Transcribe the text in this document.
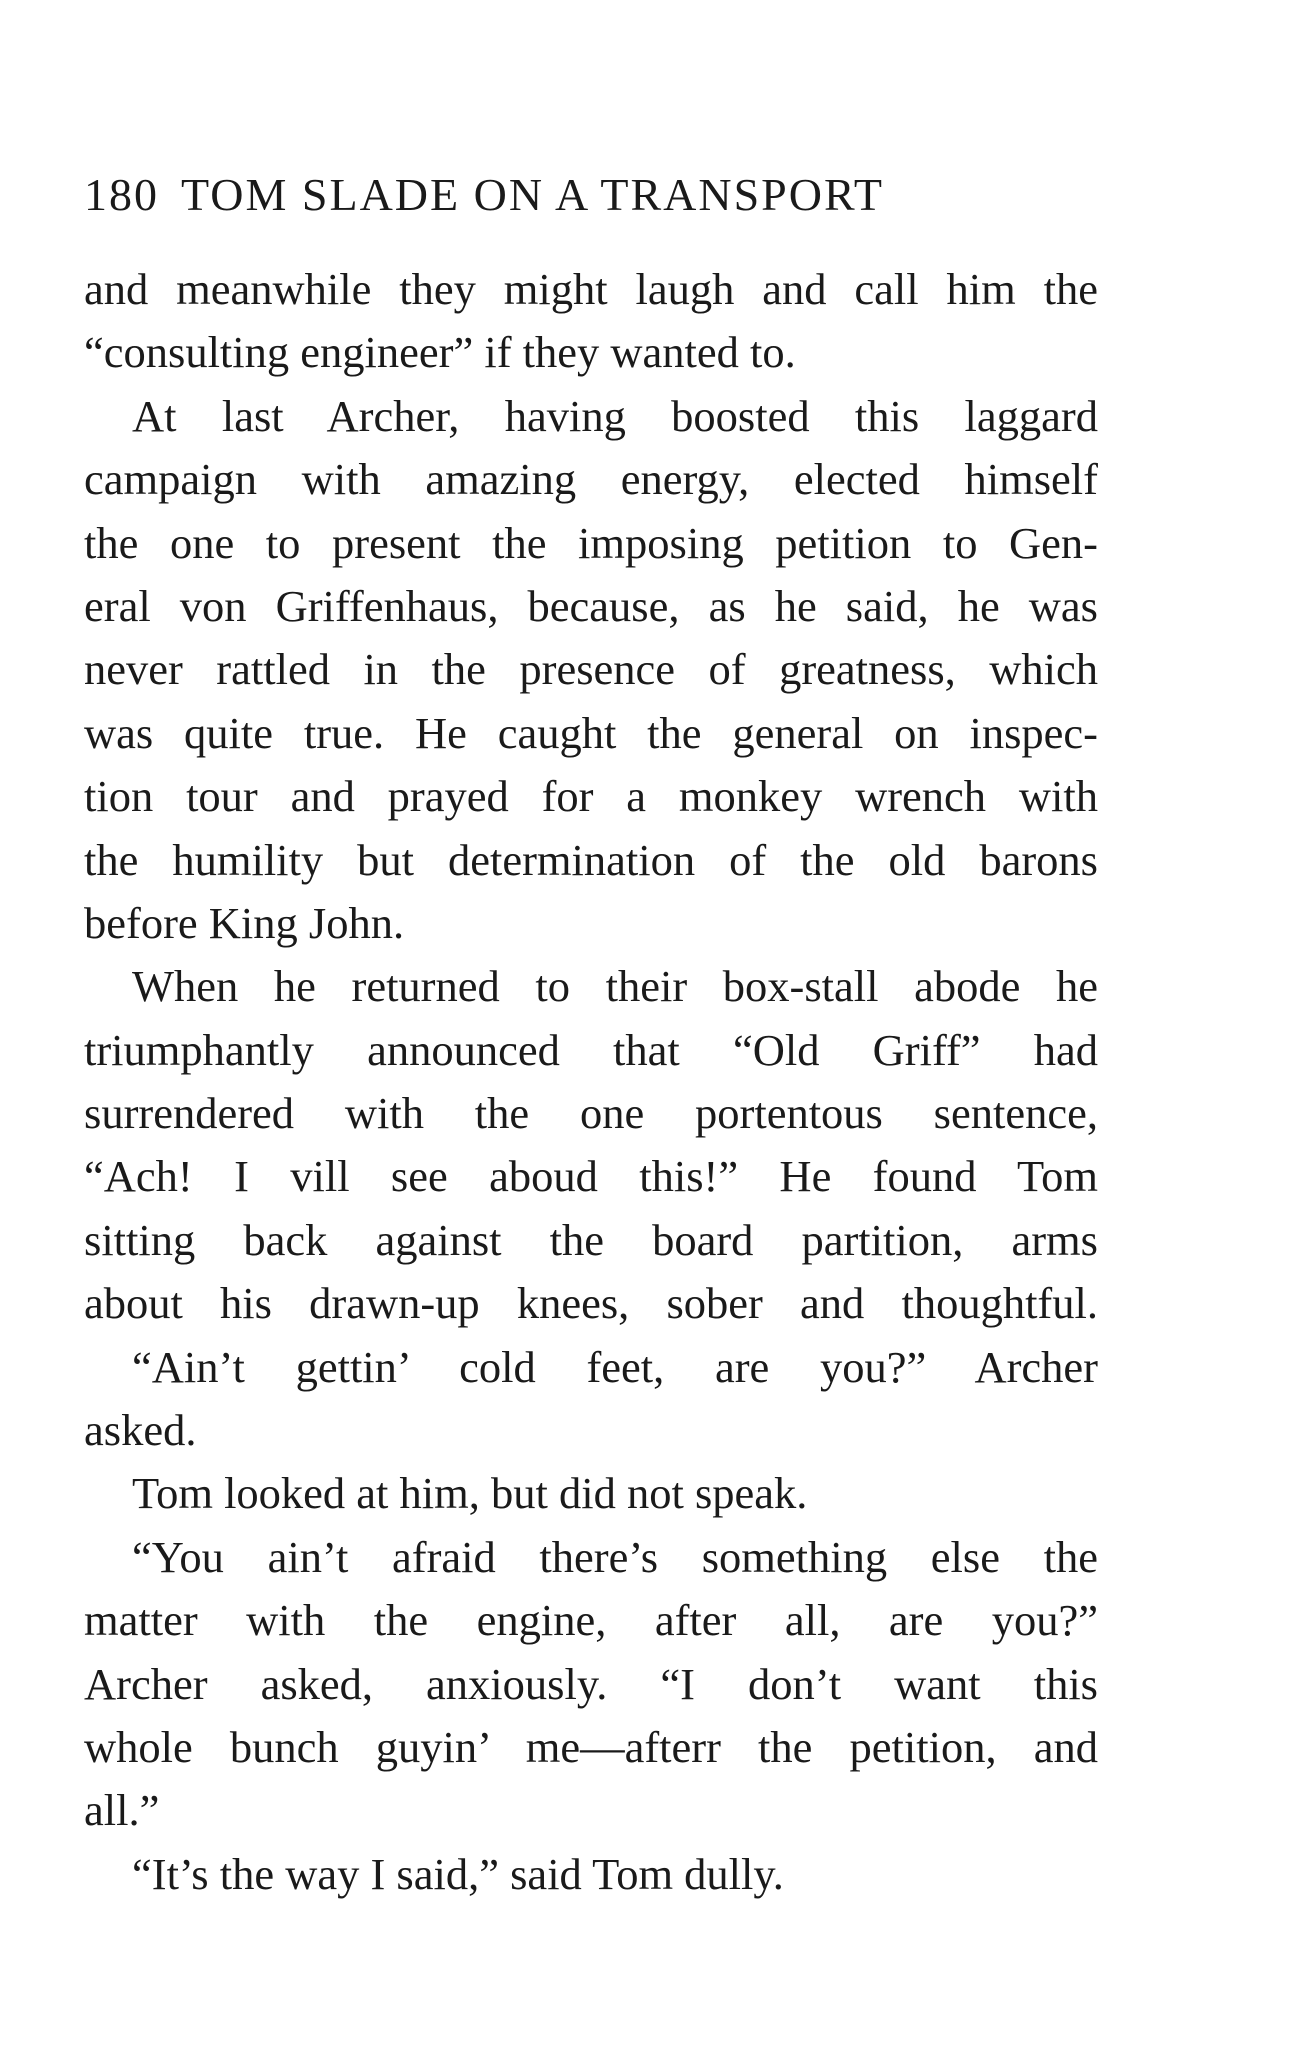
180 TOM SLADE ON A TRANSPORT
and meanwhile they might laugh and call him the
“consulting engineer” if they wanted to.
At last Archer, having boosted this laggard
campaign with amazing energy, elected himself
the one to present the imposing petition to Gen-
eral von Griffenhaus, because, as he said, he was
never rattled in the presence of greatness, which
was quite true. He caught the general on inspec-
tion tour and prayed for a monkey wrench with
the humility but determination of the old barons
before King John.
When he returned to their box-stall abode he
triumphantly announced that “Old Griff” had
surrendered with the one portentous sentence,
“Ach! I vill see aboud this!” He found Tom
sitting back against the board partition, arms
about his drawn-up knees, sober and thoughtful.
“Ain’t gettin’ cold feet, are you?” Archer
asked.
Tom looked at him, but did not speak.
“You ain’t afraid there’s something else the
matter with the engine, after all, are you?”
Archer asked, anxiously. “I don’t want this
whole bunch guyin’ me—afterr the petition, and
all.”
“It’s the way I said,” said Tom dully.
